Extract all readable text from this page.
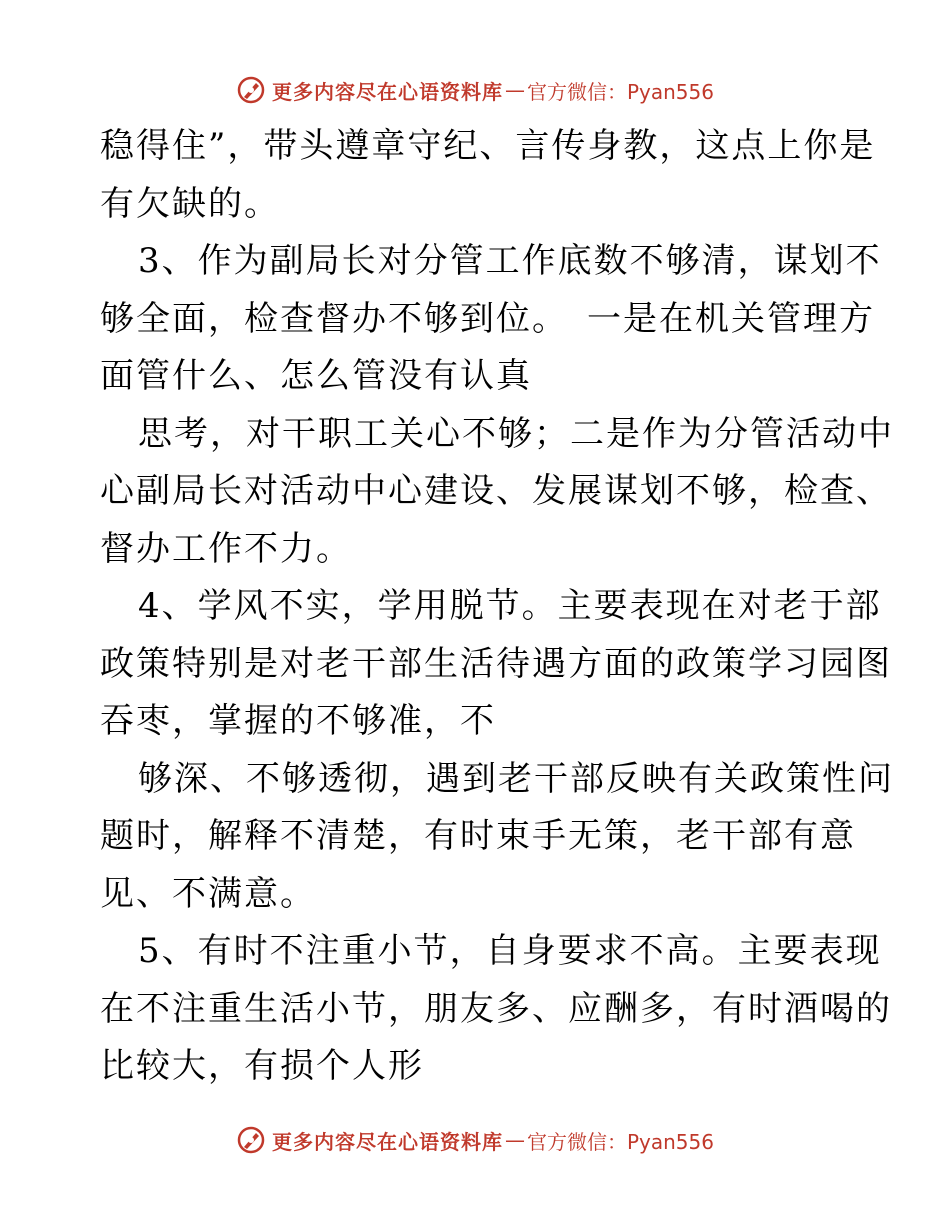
更多内容尽在心语资料库 — 官方微信：Pyan556
稳得住”，带头遵章守纪、言传身教，这点上你是
有欠缺的。
3、作为副局长对分管工作底数不够清，谋划不
够全面，检查督办不够到位。　一是在机关管理方
面管什么、怎么管没有认真
思考，对干职工关心不够；二是作为分管活动中
心副局长对活动中心建设、发展谋划不够，检查、
督办工作不力。
4、学风不实，学用脱节。主要表现在对老于部
政策特别是对老干部生活待遇方面的政策学习园图
吞枣，掌握的不够准，不
够深、不够透彻，遇到老干部反映有关政策性问
题时，解释不清楚，有时束手无策，老干部有意
见、不满意。
5、有时不注重小节，自身要求不高。主要表现
在不注重生活小节，朋友多、应酬多，有时酒喝的
比较大，有损个人形
更多内容尽在心语资料库 — 官方微信：Pyan556
